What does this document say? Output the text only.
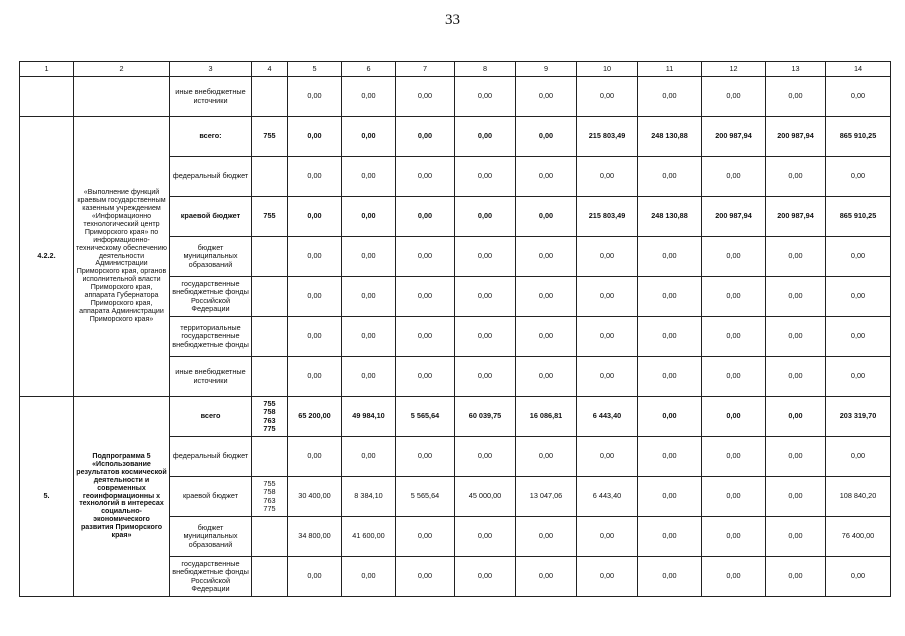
33
1	2	3	4	5	6	7	8	9	10	11	12	13	14
		иные внебюджетные источники		0,00	0,00	0,00	0,00	0,00	0,00	0,00	0,00	0,00	0,00
4.2.2.	«Выполнение функций краевым государственным казенным учреждением «Информационно технологический центр Приморского края» по информационно-техническому обеспечению деятельности Администрации Приморского края, органов исполнительной власти Приморского края, аппарата Губернатора Приморского края, аппарата Администрации Приморского края»	всего:	755	0,00	0,00	0,00	0,00	0,00	215 803,49	248 130,88	200 987,94	200 987,94	865 910,25
		федеральный бюджет		0,00	0,00	0,00	0,00	0,00	0,00	0,00	0,00	0,00	0,00
		краевой бюджет	755	0,00	0,00	0,00	0,00	0,00	215 803,49	248 130,88	200 987,94	200 987,94	865 910,25
		бюджет муниципальных образований		0,00	0,00	0,00	0,00	0,00	0,00	0,00	0,00	0,00	0,00
		государственные внебюджетные фонды Российской Федерации		0,00	0,00	0,00	0,00	0,00	0,00	0,00	0,00	0,00	0,00
		территориальные государственные внебюджетные фонды		0,00	0,00	0,00	0,00	0,00	0,00	0,00	0,00	0,00	0,00
		иные внебюджетные источники		0,00	0,00	0,00	0,00	0,00	0,00	0,00	0,00	0,00	0,00
5.	Подпрограмма 5 «Использование результатов космической деятельности и современных геоинформационны х технологий в интересах социально-экономического развития Приморского края»	всего	755
758
763
775	65 200,00	49 984,10	5 565,64	60 039,75	16 086,81	6 443,40	0,00	0,00	0,00	203 319,70
		федеральный бюджет		0,00	0,00	0,00	0,00	0,00	0,00	0,00	0,00	0,00	0,00
		краевой бюджет	755
758
763
775	30 400,00	8 384,10	5 565,64	45 000,00	13 047,06	6 443,40	0,00	0,00	0,00	108 840,20
		бюджет муниципальных образований		34 800,00	41 600,00	0,00	0,00	0,00	0,00	0,00	0,00	0,00	76 400,00
		государственные внебюджетные фонды Российской Федерации		0,00	0,00	0,00	0,00	0,00	0,00	0,00	0,00	0,00	0,00
